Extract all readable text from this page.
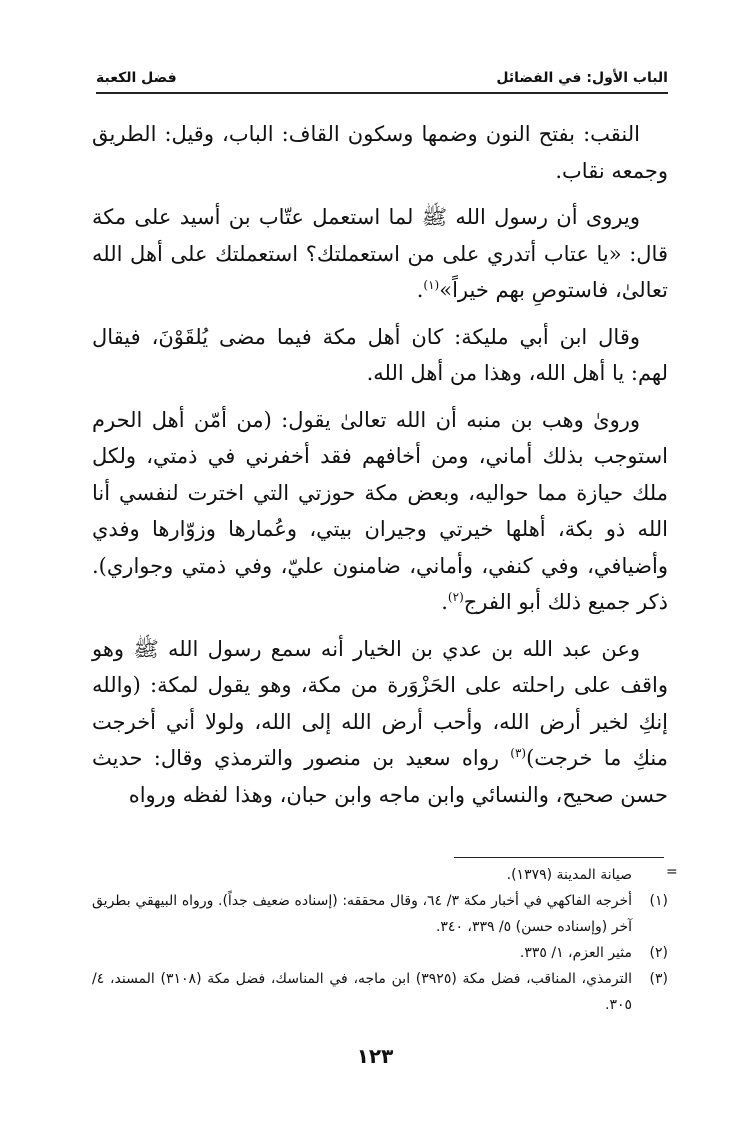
الباب الأول: في الفضائل
فضل الكعبة

النقب: بفتح النون وضمها وسكون القاف: الباب، وقيل: الطريق وجمعه نقاب.

ويروى أن رسول الله ﷺ لما استعمل عتّاب بن أسيد على مكة قال: «يا عتاب أتدري على من استعملتك؟ استعملتك على أهل الله تعالىٰ، فاستوصِ بهم خيراً»$^{(١)}$.

وقال ابن أبي مليكة: كان أهل مكة فيما مضى يُلقَوْنَ، فيقال لهم: يا أهل الله، وهذا من أهل الله.

ورویٰ وهب بن منبه أن الله تعالىٰ يقول: (من أمّن أهل الحرم استوجب بذلك أماني، ومن أخافهم فقد أخفرني في ذمتي، ولكل ملك حيازة مما حواليه، وبعض مكة حوزتي التي اخترت لنفسي أنا الله ذو بكة، أهلها خيرتي وجيران بيتي، وعُمارها وزوّارها وفدي وأضيافي، وفي كنفي، وأماني، ضامنون عليّ، وفي ذمتي وجواري). ذكر جميع ذلك أبو الفرج$^{(٢)}$.

وعن عبد الله بن عدي بن الخيار أنه سمع رسول الله ﷺ وهو واقف على راحلته على الحَزْوَرة من مكة، وهو يقول لمكة: (والله إنكِ لخير أرض الله، وأحب أرض الله إلى الله، ولولا أني أخرجت منكِ ما خرجت)$^{(٣)}$ رواه سعيد بن منصور والترمذي وقال: حديث حسن صحيح، والنسائي وابن ماجه وابن حبان، وهذا لفظه ورواه

=
صيانة المدينة (١٣٧٩).
(١)
أخرجه الفاكهي في أخبار مكة ٣/ ٦٤، وقال محققه: (إسناده ضعيف جداً). ورواه البيهقي بطريق آخر (وإسناده حسن) ٥/ ٣٣٩، ٣٤٠.
(٢)
مثير العزم، ١/ ٣٣٥.
(٣)
الترمذي، المناقب، فضل مكة (٣٩٢٥) ابن ماجه، في المناسك، فضل مكة (٣١٠٨) المسند، ٤/ ٣٠٥.
١٢٣
